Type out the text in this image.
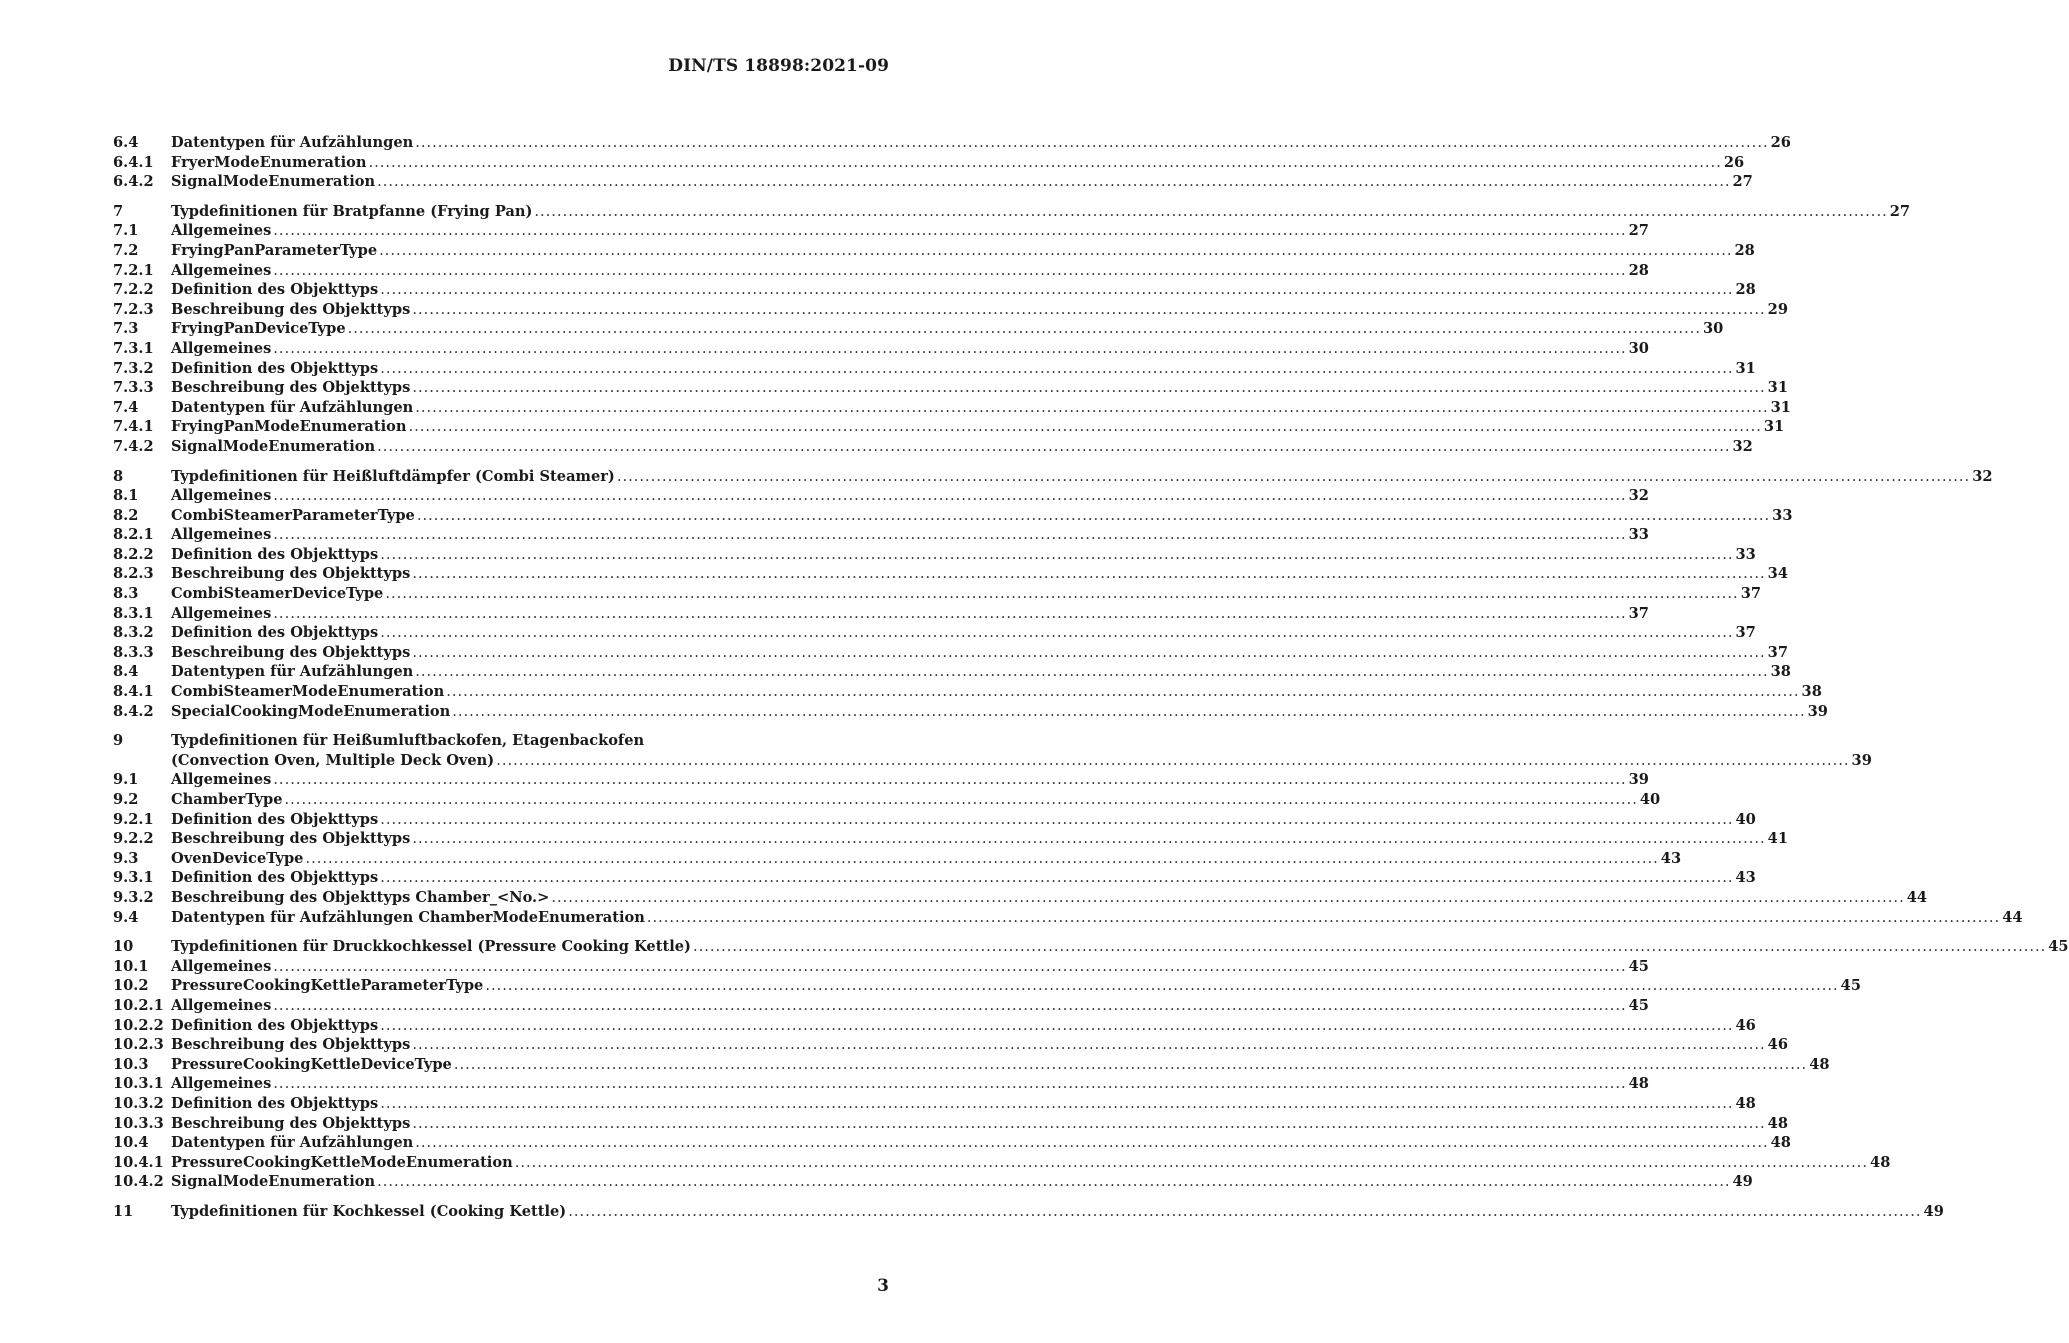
DIN/TS 18898:2021-09
6.4	Datentypen für Aufzählungen .....	26
6.4.1	FryerModeEnumeration .....	26
6.4.2	SignalModeEnumeration .....	27
7	Typdefinitionen für Bratpfanne (Frying Pan) .....	27
7.1	Allgemeines .....	27
7.2	FryingPanParameterType .....	28
7.2.1	Allgemeines .....	28
7.2.2	Definition des Objekttyps .....	28
7.2.3	Beschreibung des Objekttyps .....	29
7.3	FryingPanDeviceType .....	30
7.3.1	Allgemeines .....	30
7.3.2	Definition des Objekttyps .....	31
7.3.3	Beschreibung des Objekttyps .....	31
7.4	Datentypen für Aufzählungen .....	31
7.4.1	FryingPanModeEnumeration .....	31
7.4.2	SignalModeEnumeration .....	32
8	Typdefinitionen für Heißluftdämpfer (Combi Steamer) .....	32
8.1	Allgemeines .....	32
8.2	CombiSteamerParameterType .....	33
8.2.1	Allgemeines .....	33
8.2.2	Definition des Objekttyps .....	33
8.2.3	Beschreibung des Objekttyps .....	34
8.3	CombiSteamerDeviceType .....	37
8.3.1	Allgemeines .....	37
8.3.2	Definition des Objekttyps .....	37
8.3.3	Beschreibung des Objekttyps .....	37
8.4	Datentypen für Aufzählungen .....	38
8.4.1	CombiSteamerModeEnumeration .....	38
8.4.2	SpecialCookingModeEnumeration .....	39
9	Typdefinitionen für Heißumluftbackofen, Etagenbackofen
(Convection Oven, Multiple Deck Oven) .....	39
9.1	Allgemeines .....	39
9.2	ChamberType .....	40
9.2.1	Definition des Objekttyps .....	40
9.2.2	Beschreibung des Objekttyps .....	41
9.3	OvenDeviceType .....	43
9.3.1	Definition des Objekttyps .....	43
9.3.2	Beschreibung des Objekttyps Chamber_<No.> .....	44
9.4	Datentypen für Aufzählungen ChamberModeEnumeration .....	44
10	Typdefinitionen für Druckkochkessel (Pressure Cooking Kettle) .....	45
10.1	Allgemeines .....	45
10.2	PressureCookingKettleParameterType .....	45
10.2.1 Allgemeines .....	45
10.2.2 Definition des Objekttyps .....	46
10.2.3 Beschreibung des Objekttyps .....	46
10.3	PressureCookingKettleDeviceType .....	48
10.3.1 Allgemeines .....	48
10.3.2 Definition des Objekttyps .....	48
10.3.3 Beschreibung des Objekttyps .....	48
10.4	Datentypen für Aufzählungen .....	48
10.4.1 PressureCookingKettleModeEnumeration .....	48
10.4.2 SignalModeEnumeration .....	49
11	Typdefinitionen für Kochkessel (Cooking Kettle) .....	49
3
